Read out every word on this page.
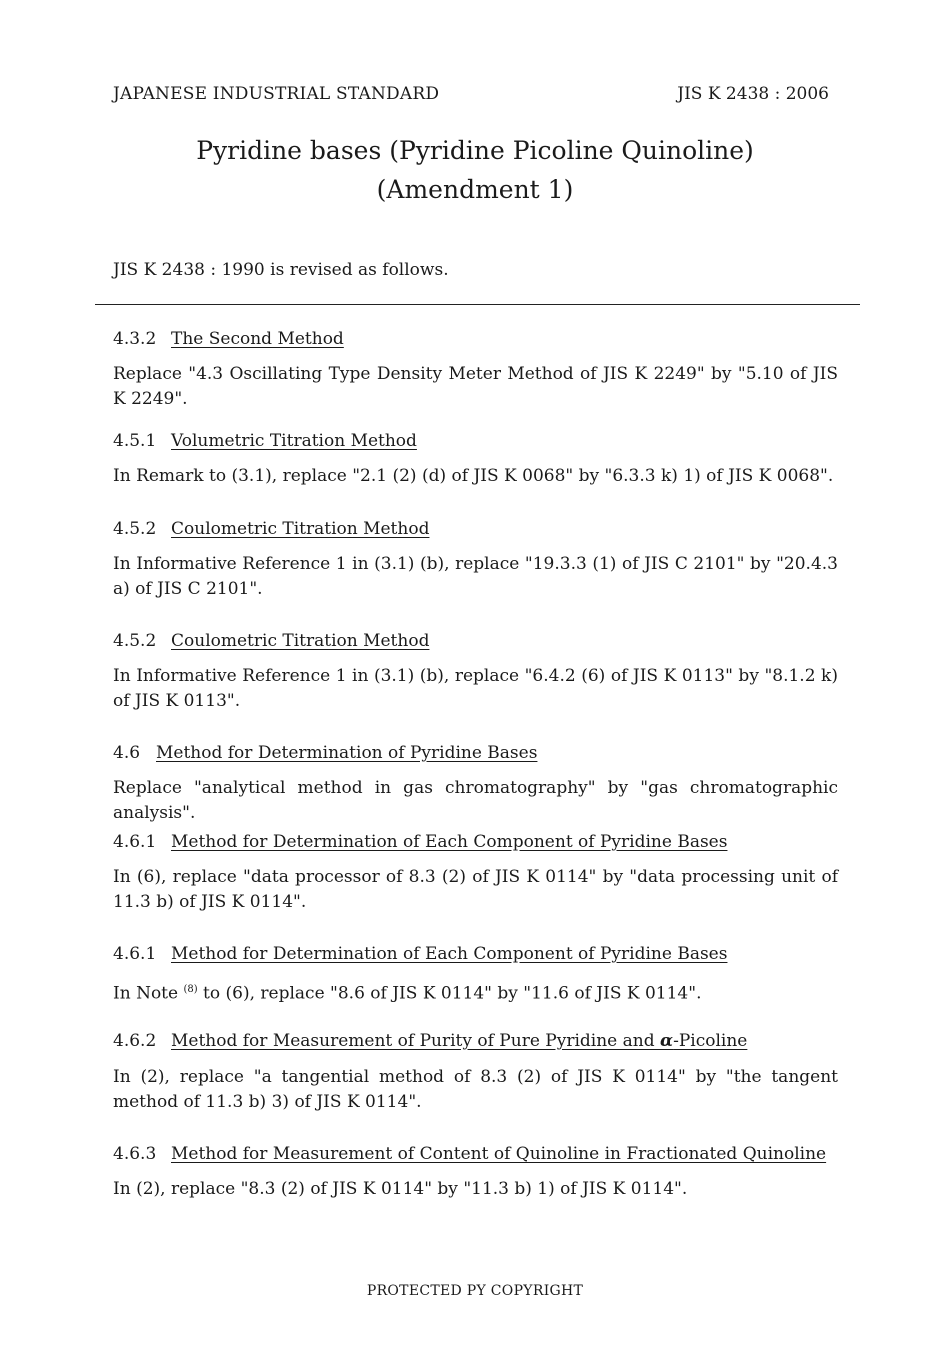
JAPANESE INDUSTRIAL STANDARD	JIS K 2438 : 2006
Pyridine bases (Pyridine Picoline Quinoline)
(Amendment 1)
JIS K 2438 : 1990 is revised as follows.
4.3.2 The Second Method
Replace "4.3 Oscillating Type Density Meter Method of JIS K 2249" by "5.10 of JIS K 2249".
4.5.1 Volumetric Titration Method
In Remark to (3.1), replace "2.1 (2) (d) of JIS K 0068" by "6.3.3 k) 1) of JIS K 0068".
4.5.2 Coulometric Titration Method
In Informative Reference 1 in (3.1) (b), replace "19.3.3 (1) of JIS C 2101" by "20.4.3 a) of JIS C 2101".
4.5.2 Coulometric Titration Method
In Informative Reference 1 in (3.1) (b), replace "6.4.2 (6) of JIS K 0113" by "8.1.2 k) of JIS K 0113".
4.6 Method for Determination of Pyridine Bases
Replace "analytical method in gas chromatography" by "gas chromatographic analysis".
4.6.1 Method for Determination of Each Component of Pyridine Bases
In (6), replace "data processor of 8.3 (2) of JIS K 0114" by "data processing unit of 11.3 b) of JIS K 0114".
4.6.1 Method for Determination of Each Component of Pyridine Bases
In Note $^{(8)}$ to (6), replace "8.6 of JIS K 0114" by "11.6 of JIS K 0114".
4.6.2 Method for Measurement of Purity of Pure Pyridine and α-Picoline
In (2), replace "a tangential method of 8.3 (2) of JIS K 0114" by "the tangent method of 11.3 b) 3) of JIS K 0114".
4.6.3 Method for Measurement of Content of Quinoline in Fractionated Quinoline
In (2), replace "8.3 (2) of JIS K 0114" by "11.3 b) 1) of JIS K 0114".
PROTECTED PY COPYRIGHT
